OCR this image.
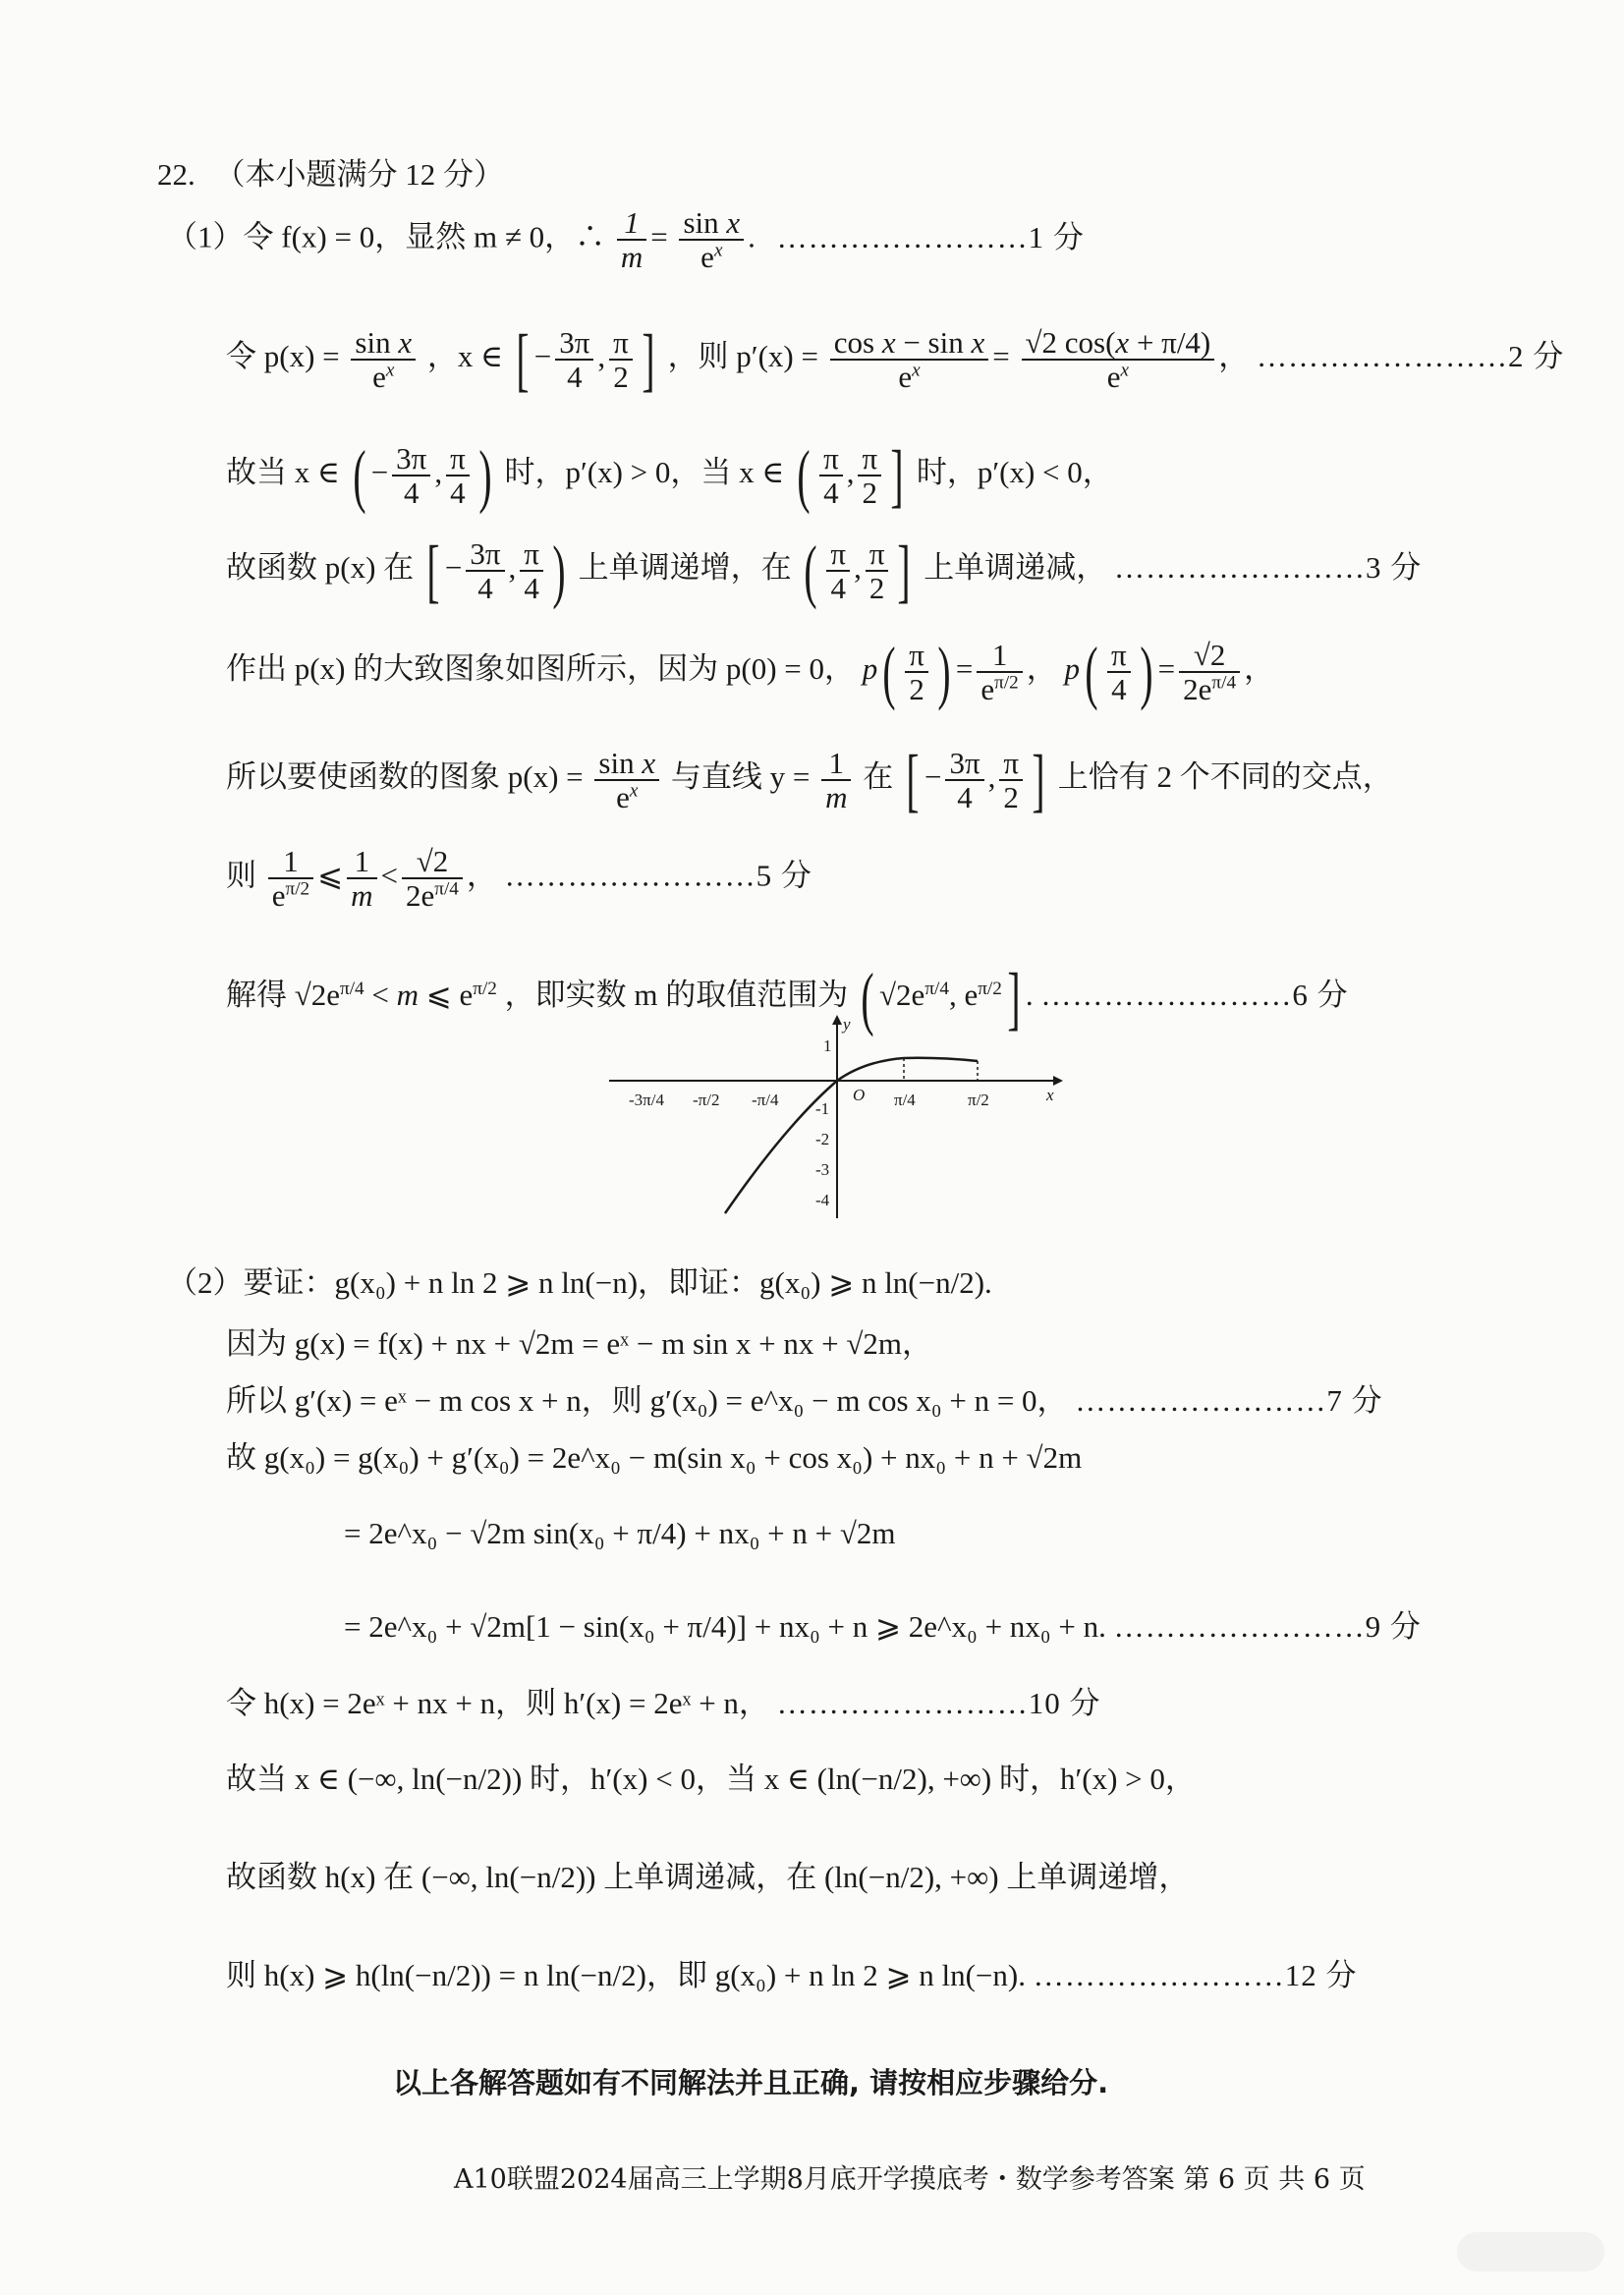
22. （本小题满分 12 分）
（1）令 f(x) = 0，显然 m ≠ 0，∴ $\frac{1}{m} = \frac{\text{sin x}}{e^x}$ . ……………………1 分
令 $p(x) = \frac{\text{sin x}}{e^x}$ ，x ∈ [ − $\frac{3\pi}{4}$ , $\frac{\pi}{2}$ ] ，则 $p'(x) = \frac{\text{cos x − sin x}}{e^x} = \frac{√2 \cos(x + \pi/4)}{e^x}$ ， ……………………2 分
故当 x ∈ ( − $\frac{3\pi}{4}$ , $\frac{\pi}{4}$ ) 时，p′(x) > 0，当 x ∈ ( $\frac{\pi}{4}$ , $\frac{\pi}{2}$ ] 时，p′(x) < 0，
故函数 p(x) 在 [ − $\frac{3\pi}{4}$ , $\frac{\pi}{4}$ ) 上单调递增，在 ( $\frac{\pi}{4}$ , $\frac{\pi}{2}$ ] 上单调递减， ……………………3 分
作出 p(x) 的大致图象如图所示，因为 p(0) = 0， $p( \frac{\pi}{2}$ ) = $\frac{1}{e^{\pi/2}}$ ， $p( \frac{\pi}{4}$ ) = $\frac{√2}{2e^{\pi/4}}$ ，
所以要使函数的图象 $p(x) = \frac{\text{sin x}}{e^x}$ 与直线 $y = \frac{1}{m}$ 在 [ − $\frac{3\pi}{4}$ , $\frac{\pi}{2}$ ] 上恰有 2 个不同的交点，
则 $\frac{1}{e^{\pi/2}}$ ⩽ $\frac{1}{m} < \frac{√2}{2e^{\pi/4}}$ ， ……………………5 分
解得 $√2e^{\pi/4} < m$ ⩽ $e^{\pi/2}$ ，即实数 m 的取值范围为 ( $√2e^{\pi/4}$, $e^{\pi/2}$] . ……………………6 分
-3π/4 -π/2 -π/4	O π/4	π/2	x
y
1
-1
-2
-3
-4
（2）要证：g(x₀) + n ln 2 ⩾ n ln(−n)，即证：g(x₀) ⩾ n ln(−n/2).
因为 g(x) = f(x) + nx + √2m = eˣ − m sin x + nx + √2m，
所以 g′(x) = eˣ − m cos x + n，则 g′(x₀) = e^x₀ − m cos x₀ + n = 0， ……………………7 分
故 g(x₀) = g(x₀) + g′(x₀) = 2e^x₀ − m(sin x₀ + cos x₀) + nx₀ + n + √2m
= 2e^x₀ − √2m sin(x₀ + π/4) + nx₀ + n + √2m
= 2e^x₀ + √2m[1 − sin(x₀ + π/4)] + nx₀ + n ⩾ 2e^x₀ + nx₀ + n. ……………………9 分
令 h(x) = 2eˣ + nx + n，则 h′(x) = 2eˣ + n， ……………………10 分
故当 x ∈ (−∞, ln(−n/2)) 时，h′(x) < 0，当 x ∈ (ln(−n/2), +∞) 时，h′(x) > 0，
故函数 h(x) 在 (−∞, ln(−n/2)) 上单调递减，在 (ln(−n/2), +∞) 上单调递增，
则 h(x) ⩾ h(ln(−n/2)) = n ln(−n/2)，即 g(x₀) + n ln 2 ⩾ n ln(−n). ……………………12 分
以上各解答题如有不同解法并且正确, 请按相应步骤给分.
A10联盟2024届高三上学期8月底开学摸底考・数学参考答案 第 6 页 共 6 页
